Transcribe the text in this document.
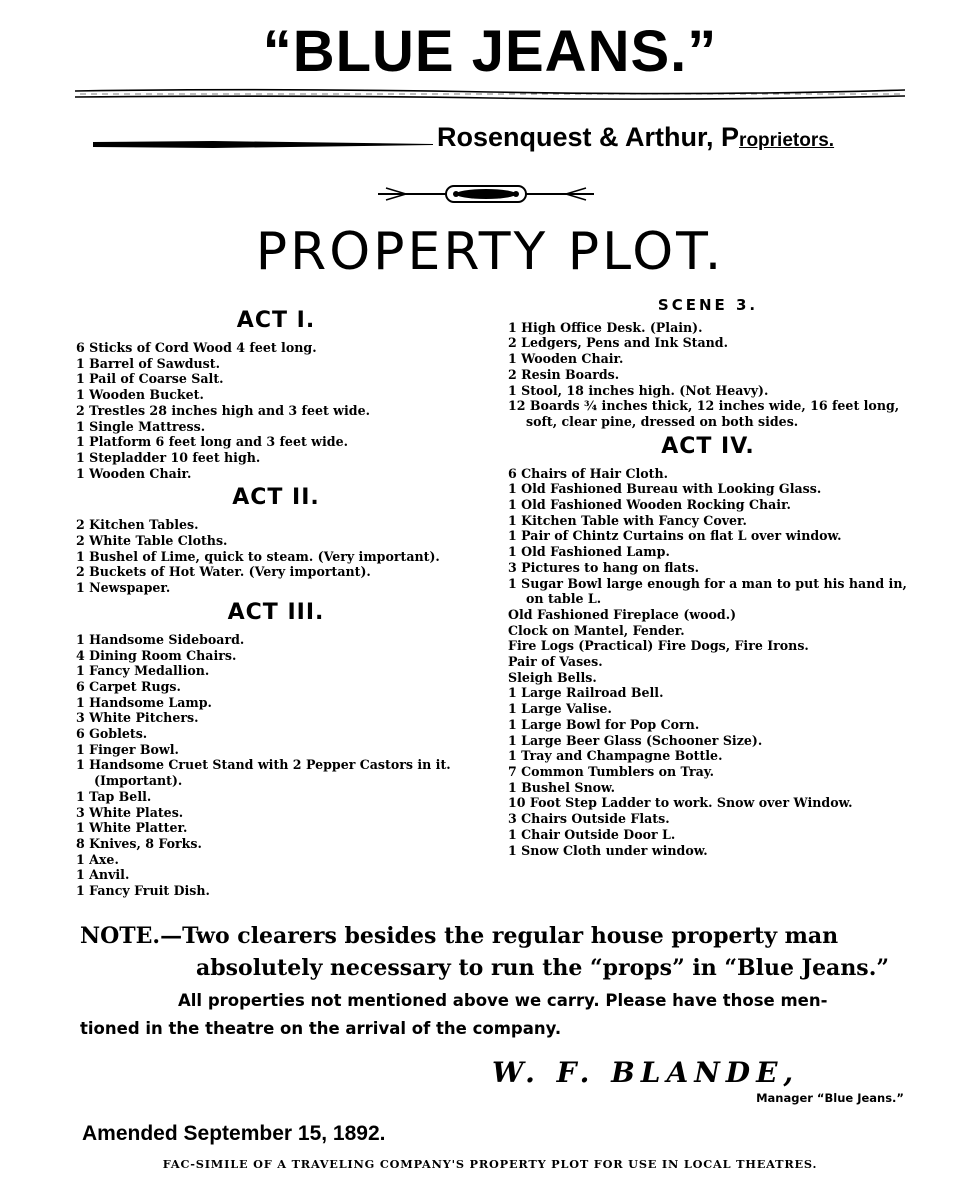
“BLUE JEANS.”
Rosenquest & Arthur, Proprietors.
PROPERTY PLOT.
ACT I.

6 Sticks of Cord Wood 4 feet long.

1 Barrel of Sawdust.

1 Pail of Coarse Salt.

1 Wooden Bucket.

2 Trestles 28 inches high and 3 feet wide.

1 Single Mattress.

1 Platform 6 feet long and 3 feet wide.

1 Stepladder 10 feet high.

1 Wooden Chair.

ACT II.

2 Kitchen Tables.

2 White Table Cloths.

1 Bushel of Lime, quick to steam. (Very important).

2 Buckets of Hot Water. (Very important).

1 Newspaper.

ACT III.

1 Handsome Sideboard.

4 Dining Room Chairs.

1 Fancy Medallion.

6 Carpet Rugs.

1 Handsome Lamp.

3 White Pitchers.

6 Goblets.

1 Finger Bowl.

1 Handsome Cruet Stand with 2 Pepper Castors in it. (Important).

1 Tap Bell.

3 White Plates.

1 White Platter.

8 Knives, 8 Forks.

1 Axe.

1 Anvil.

1 Fancy Fruit Dish.

SCENE 3.

1 High Office Desk. (Plain).

2 Ledgers, Pens and Ink Stand.

1 Wooden Chair.

2 Resin Boards.

1 Stool, 18 inches high. (Not Heavy).

12 Boards ¾ inches thick, 12 inches wide, 16 feet long, soft, clear pine, dressed on both sides.

ACT IV.

6 Chairs of Hair Cloth.

1 Old Fashioned Bureau with Looking Glass.

1 Old Fashioned Wooden Rocking Chair.

1 Kitchen Table with Fancy Cover.

1 Pair of Chintz Curtains on flat L over window.

1 Old Fashioned Lamp.

3 Pictures to hang on flats.

1 Sugar Bowl large enough for a man to put his hand in, on table L.

Old Fashioned Fireplace (wood.)

Clock on Mantel, Fender.

Fire Logs (Practical) Fire Dogs, Fire Irons.

Pair of Vases.

Sleigh Bells.

1 Large Railroad Bell.

1 Large Valise.

1 Large Bowl for Pop Corn.

1 Large Beer Glass (Schooner Size).

1 Tray and Champagne Bottle.

7 Common Tumblers on Tray.

1 Bushel Snow.

10 Foot Step Ladder to work. Snow over Window.

3 Chairs Outside Flats.

1 Chair Outside Door L.

1 Snow Cloth under window.

NOTE.—Two clearers besides the regular house property man
absolutely necessary to run the “props” in “Blue Jeans.”
All properties not mentioned above we carry. Please have those men-
tioned in the theatre on the arrival of the company.
W. F. BLANDE,
Manager “Blue Jeans.”
Amended September 15, 1892.
FAC-SIMILE OF A TRAVELING COMPANY'S PROPERTY PLOT FOR USE IN LOCAL THEATRES.
